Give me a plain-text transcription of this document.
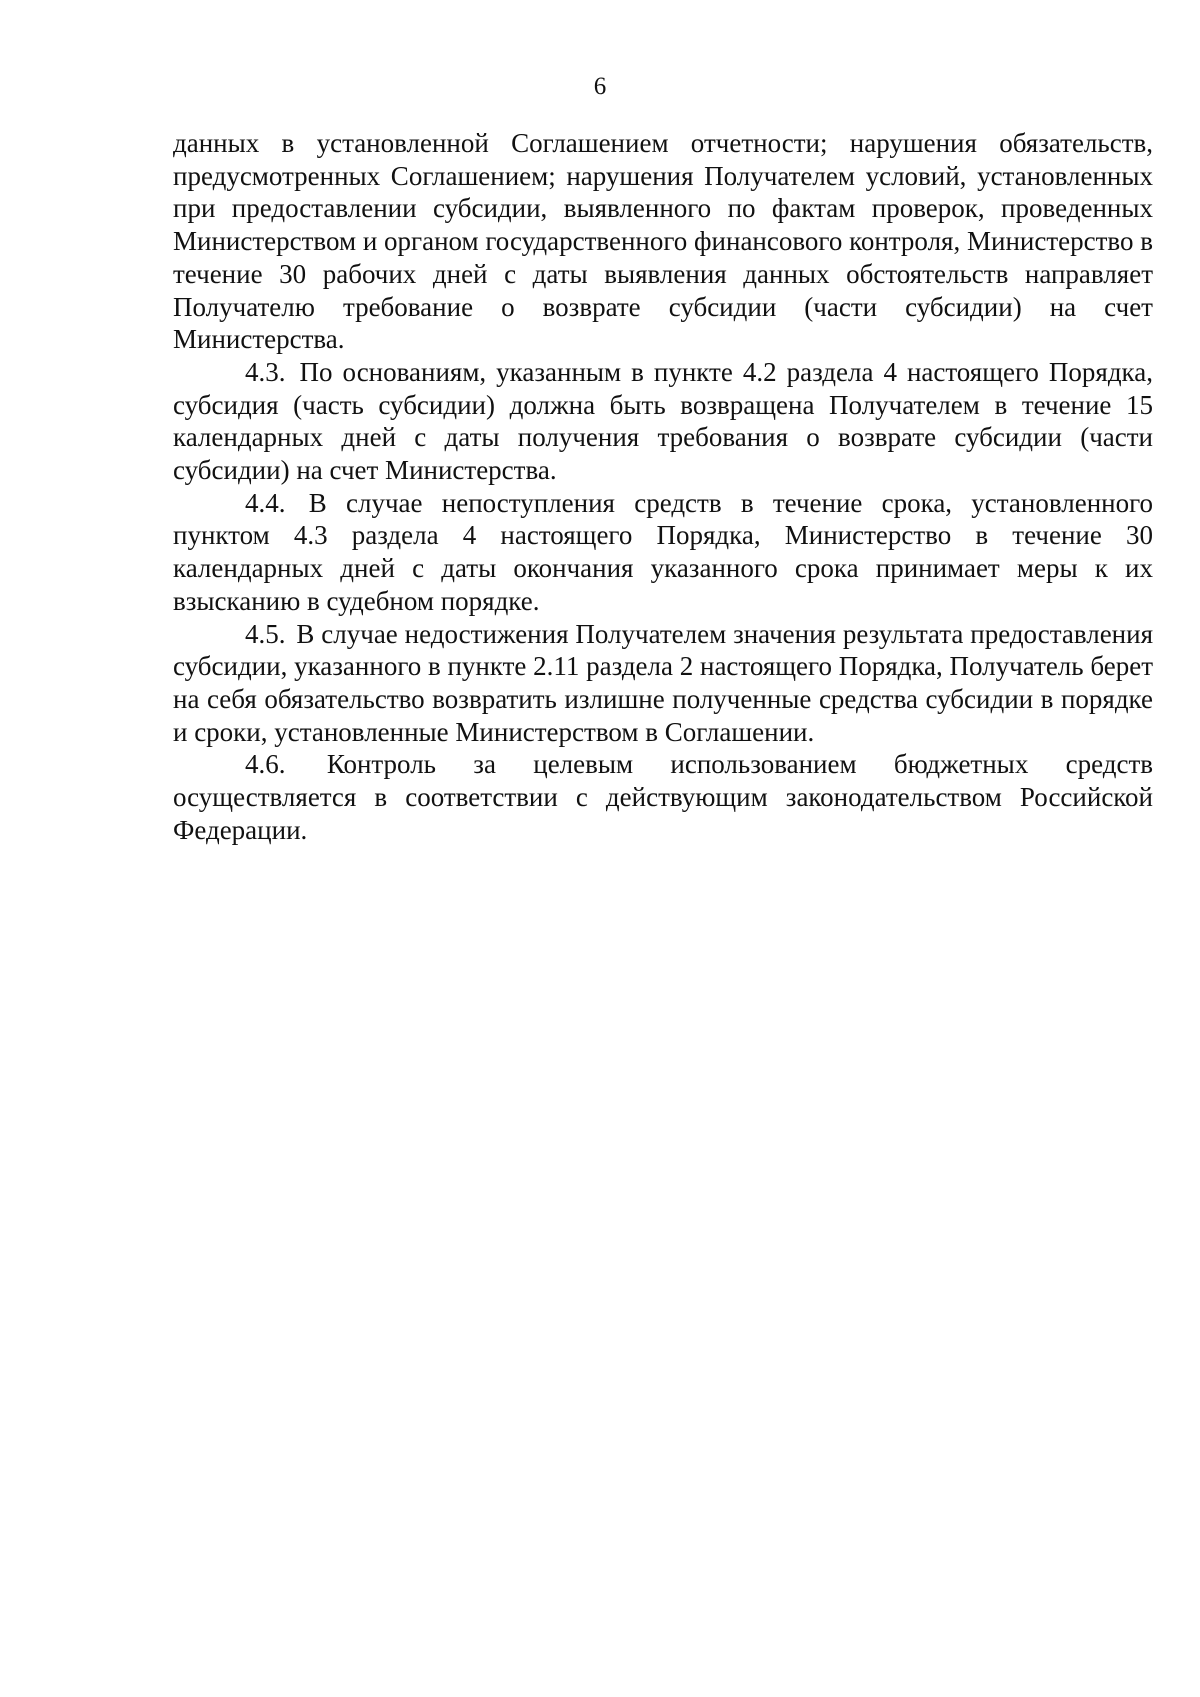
6

данных в установленной Соглашением отчетности; нарушения обязательств, предусмотренных Соглашением; нарушения Получателем условий, установленных при предоставлении субсидии, выявленного по фактам проверок, проведенных Министерством и органом государственного финансового контроля, Министерство в течение 30 рабочих дней с даты выявления данных обстоятельств направляет Получателю требование о возврате субсидии (части субсидии) на счет Министерства.

4.3. По основаниям, указанным в пункте 4.2 раздела 4 настоящего Порядка, субсидия (часть субсидии) должна быть возвращена Получателем в течение 15 календарных дней с даты получения требования о возврате субсидии (части субсидии) на счет Министерства.

4.4. В случае непоступления средств в течение срока, установленного пунктом 4.3 раздела 4 настоящего Порядка, Министерство в течение 30 календарных дней с даты окончания указанного срока принимает меры к их взысканию в судебном порядке.

4.5. В случае недостижения Получателем значения результата предоставления субсидии, указанного в пункте 2.11 раздела 2 настоящего Порядка, Получатель берет на себя обязательство возвратить излишне полученные средства субсидии в порядке и сроки, установленные Министерством в Соглашении.

4.6. Контроль за целевым использованием бюджетных средств осуществляется в соответствии с действующим законодательством Российской Федерации.
